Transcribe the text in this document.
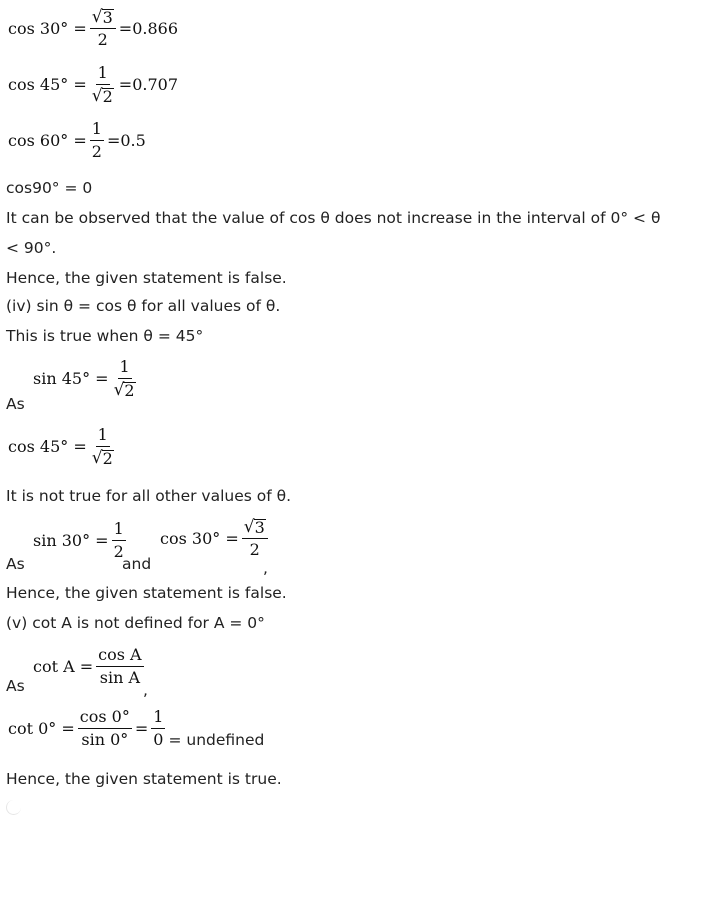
$\cos 30^\circ = \frac{√ 3}{2} =0.866$
$\cos 45^\circ = \frac{1}{√ 2} =0.707$
$\cos 60^\circ = \frac{1}{2} =0.5$
cos90° = 0
It can be observed that the value of cos θ does not increase in the interval of 0° < θ
< 90°.
Hence, the given statement is false.
(iv) sin θ = cos θ for all values of θ.
This is true when θ = 45°
$\sin 45^\circ = \frac{1}{√ 2}$
As
$\cos 45^\circ = \frac{1}{√ 2}$
It is not true for all other values of θ.
$\sin 30^\circ = \frac{1}{2}$
As	and
$\cos 30^\circ = \frac{√ 3}{2}$
,
Hence, the given statement is false.
(v) cot A is not defined for A = 0°
$\cot A = \frac{\text{cos A}}{\text{sin A}}$
As	,
$\cot 0^\circ = \frac{\cos 0^\circ}{\sin 0^\circ} = \frac{1}{0}$ = undefined
Hence, the given statement is true.
